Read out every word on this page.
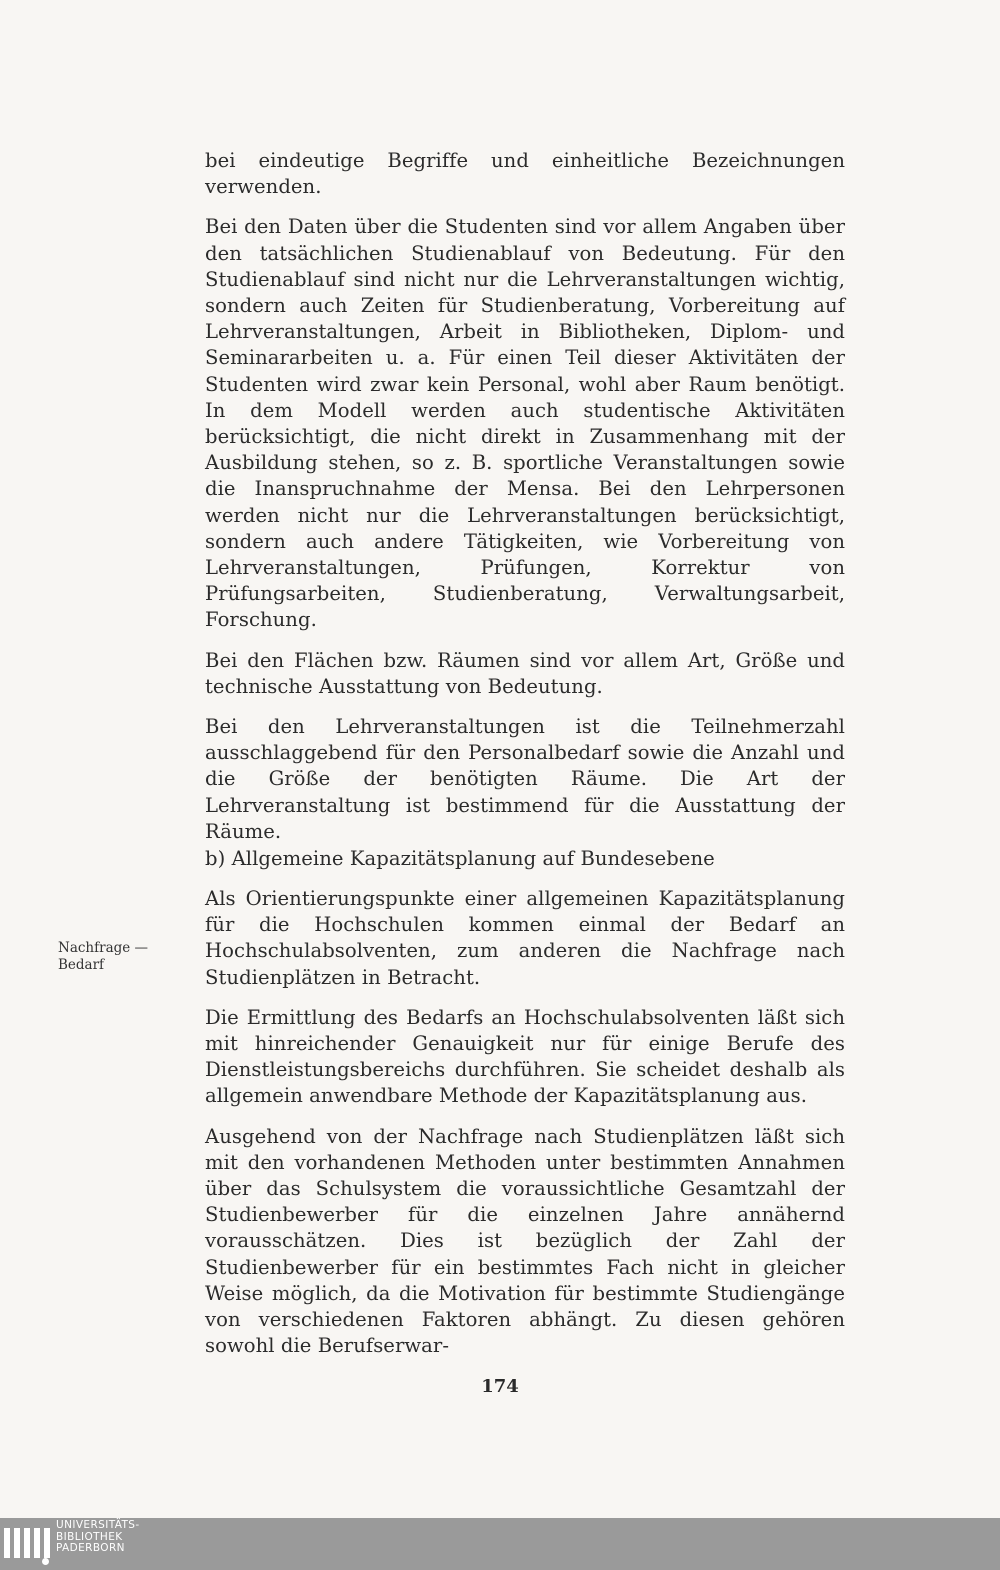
bei eindeutige Begriffe und einheitliche Bezeichnungen verwenden.

Bei den Daten über die Studenten sind vor allem Angaben über den tatsächlichen Studienablauf von Bedeutung. Für den Studienablauf sind nicht nur die Lehrveranstaltungen wichtig, sondern auch Zeiten für Studienberatung, Vorbereitung auf Lehrveranstaltungen, Arbeit in Bibliotheken, Diplom- und Seminararbeiten u. a. Für einen Teil dieser Aktivitäten der Studenten wird zwar kein Personal, wohl aber Raum benötigt. In dem Modell werden auch studentische Aktivitäten berücksichtigt, die nicht direkt in Zusammenhang mit der Ausbildung stehen, so z. B. sportliche Veranstaltungen sowie die Inanspruchnahme der Mensa. Bei den Lehrpersonen werden nicht nur die Lehrveranstaltungen berücksichtigt, sondern auch andere Tätigkeiten, wie Vorbereitung von Lehrveranstaltungen, Prüfungen, Korrektur von Prüfungsarbeiten, Studienberatung, Verwaltungsarbeit, Forschung.

Bei den Flächen bzw. Räumen sind vor allem Art, Größe und technische Ausstattung von Bedeutung.

Bei den Lehrveranstaltungen ist die Teilnehmerzahl ausschlaggebend für den Personalbedarf sowie die Anzahl und die Größe der benötigten Räume. Die Art der Lehrveranstaltung ist bestimmend für die Ausstattung der Räume.

b) Allgemeine Kapazitätsplanung auf Bundesebene

Als Orientierungspunkte einer allgemeinen Kapazitätsplanung für die Hochschulen kommen einmal der Bedarf an Hochschulabsolventen, zum anderen die Nachfrage nach Studienplätzen in Betracht.

Die Ermittlung des Bedarfs an Hochschulabsolventen läßt sich mit hinreichender Genauigkeit nur für einige Berufe des Dienstleistungsbereichs durchführen. Sie scheidet deshalb als allgemein anwendbare Methode der Kapazitätsplanung aus.

Ausgehend von der Nachfrage nach Studienplätzen läßt sich mit den vorhandenen Methoden unter bestimmten Annahmen über das Schulsystem die voraussichtliche Gesamtzahl der Studienbewerber für die einzelnen Jahre annähernd vorausschätzen. Dies ist bezüglich der Zahl der Studienbewerber für ein bestimmtes Fach nicht in gleicher Weise möglich, da die Motivation für bestimmte Studiengänge von verschiedenen Faktoren abhängt. Zu diesen gehören sowohl die Berufserwar-

Nachfrage —
Bedarf
174
UNIVERSITÄTS-
BIBLIOTHEK
PADERBORN
